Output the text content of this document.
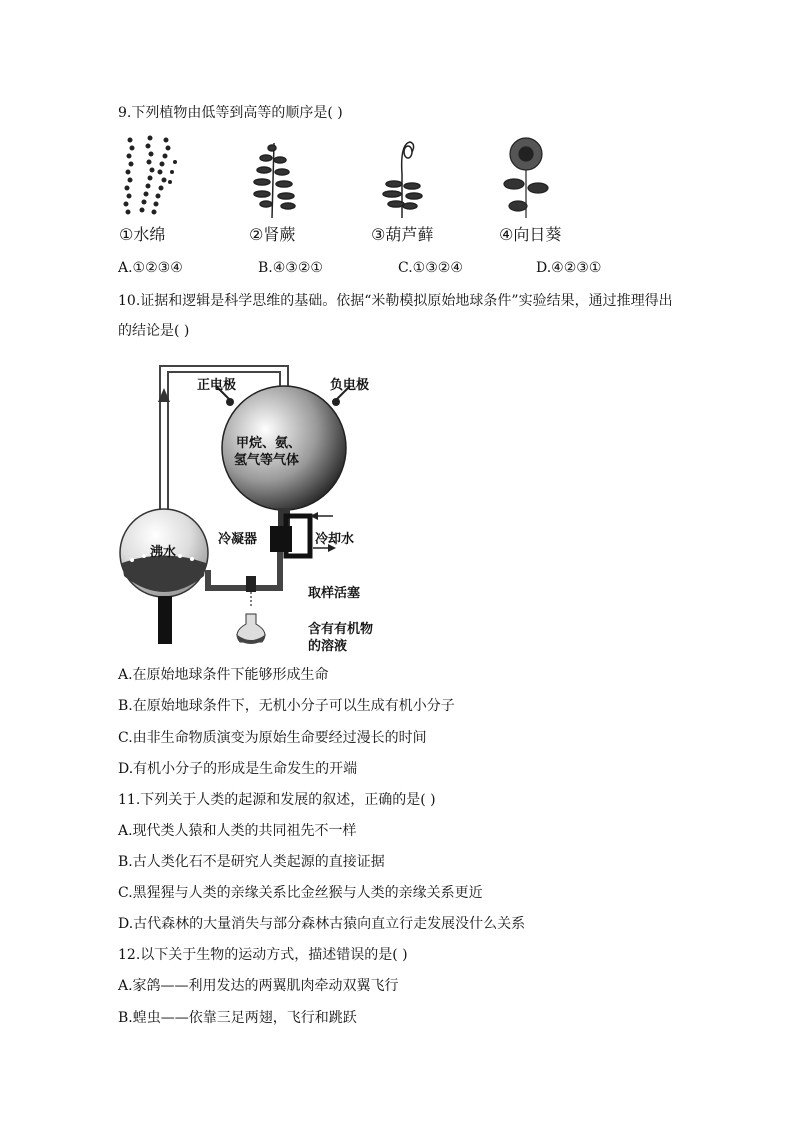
9.下列植物由低等到高等的顺序是( )
①水绵	②肾蕨	③葫芦藓	④向日葵
A.①②③④	B.④③②①	C.①③②④	D.④②③①
10.证据和逻辑是科学思维的基础。依据“米勒模拟原始地球条件”实验结果，通过推理得出
的结论是( )
正电极	负电极
甲烷、氨、
氢气等气体
沸水
冷凝器	冷却水
取样活塞
含有有机物
的溶液
A.在原始地球条件下能够形成生命
B.在原始地球条件下，无机小分子可以生成有机小分子
C.由非生命物质演变为原始生命要经过漫长的时间
D.有机小分子的形成是生命发生的开端
11.下列关于人类的起源和发展的叙述，正确的是( )
A.现代类人猿和人类的共同祖先不一样
B.古人类化石不是研究人类起源的直接证据
C.黑猩猩与人类的亲缘关系比金丝猴与人类的亲缘关系更近
D.古代森林的大量消失与部分森林古猿向直立行走发展没什么关系
12.以下关于生物的运动方式，描述错误的是( )
A.家鸽——利用发达的两翼肌肉牵动双翼飞行
B.蝗虫——依靠三足两翅，飞行和跳跃
